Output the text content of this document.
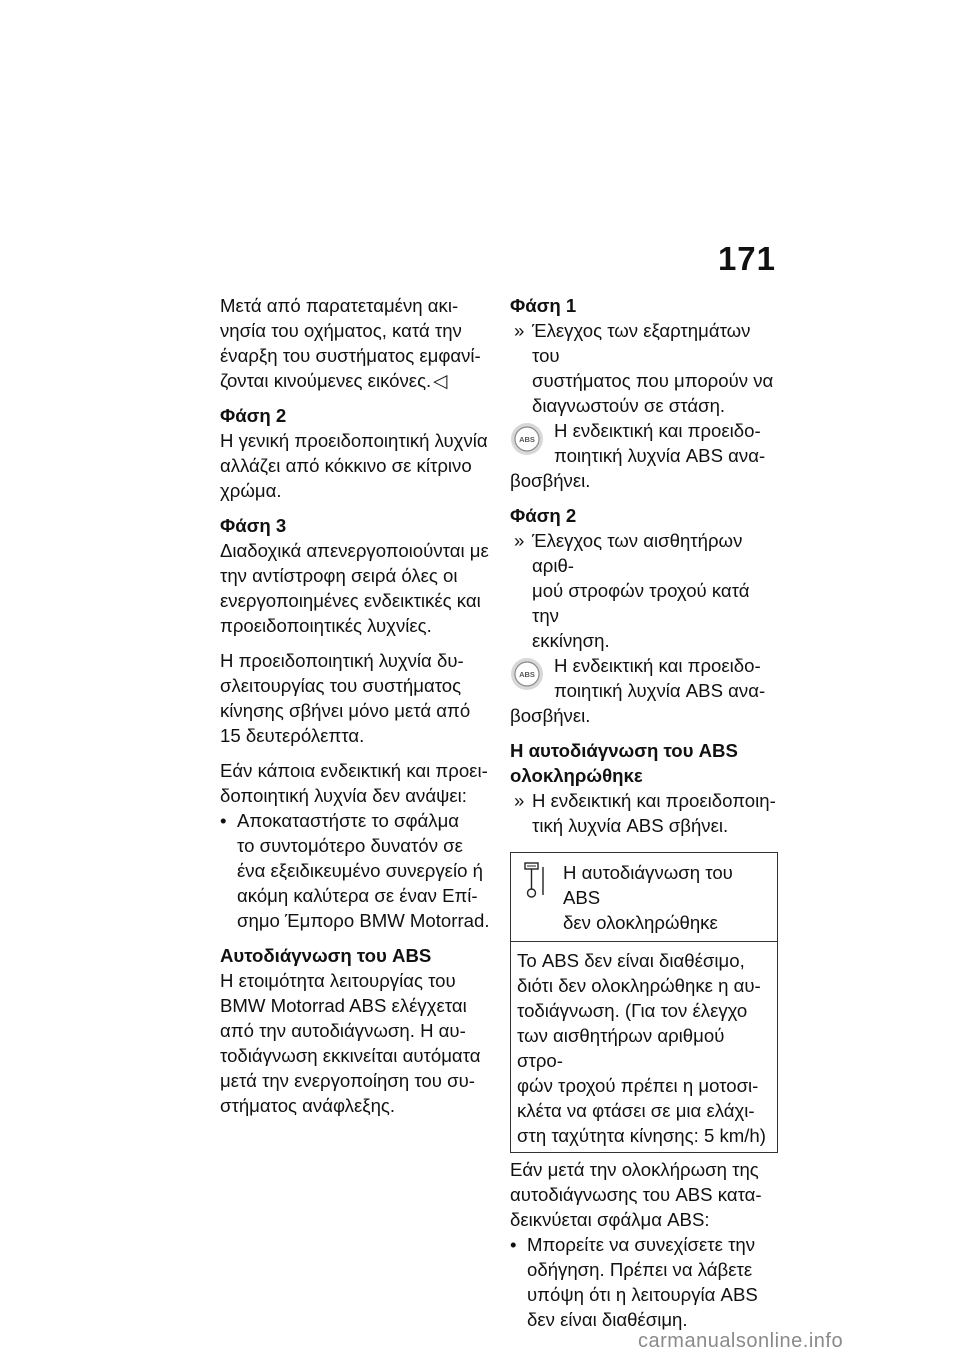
171
Μετά από παρατεταμένη ακι-
νησία του οχήματος, κατά την
έναρξη του συστήματος εμφανί-
ζονται κινούμενες εικόνες. ◁
Φάση 2
Η γενική προειδοποιητική λυχνία
αλλάζει από κόκκινο σε κίτρινο
χρώμα.
Φάση 3
Διαδοχικά απενεργοποιούνται με
την αντίστροφη σειρά όλες οι
ενεργοποιημένες ενδεικτικές και
προειδοποιητικές λυχνίες.
Η προειδοποιητική λυχνία δυ-
σλειτουργίας του συστήματος
κίνησης σβήνει μόνο μετά από
15 δευτερόλεπτα.
Εάν κάποια ενδεικτική και προει-
δοποιητική λυχνία δεν ανάψει:
• Αποκαταστήστε το σφάλμα
το συντομότερο δυνατόν σε
ένα εξειδικευμένο συνεργείο ή
ακόμη καλύτερα σε έναν Επί-
σημο Έμπορο BMW Motorrad.
Αυτοδιάγνωση του ABS
Η ετοιμότητα λειτουργίας του
BMW Motorrad ABS ελέγχεται
από την αυτοδιάγνωση. Η αυ-
τοδιάγνωση εκκινείται αυτόματα
μετά την ενεργοποίηση του συ-
στήματος ανάφλεξης.
Φάση 1
» Έλεγχος των εξαρτημάτων του
συστήματος που μπορούν να
διαγνωστούν σε στάση.
ABS	Η ενδεικτική και προειδο-
ποιητική λυχνία ABS ανα-
βοσβήνει.
Φάση 2
» Έλεγχος των αισθητήρων αριθ-
μού στροφών τροχού κατά την
εκκίνηση.
ABS	Η ενδεικτική και προειδο-
ποιητική λυχνία ABS ανα-
βοσβήνει.
Η αυτοδιάγνωση του ABS
ολοκληρώθηκε
» Η ενδεικτική και προειδοποιη-
τική λυχνία ABS σβήνει.
Η αυτοδιάγνωση του ABS
δεν ολοκληρώθηκε
Το ABS δεν είναι διαθέσιμο,
διότι δεν ολοκληρώθηκε η αυ-
τοδιάγνωση. (Για τον έλεγχο
των αισθητήρων αριθμού στρο-
φών τροχού πρέπει η μοτοσι-
κλέτα να φτάσει σε μια ελάχι-
στη ταχύτητα κίνησης: 5 km/h)
Εάν μετά την ολοκλήρωση της
αυτοδιάγνωσης του ABS κατα-
δεικνύεται σφάλμα ABS:
• Μπορείτε να συνεχίσετε την
οδήγηση. Πρέπει να λάβετε
υπόψη ότι η λειτουργία ABS
δεν είναι διαθέσιμη.
carmanualsonline.info
